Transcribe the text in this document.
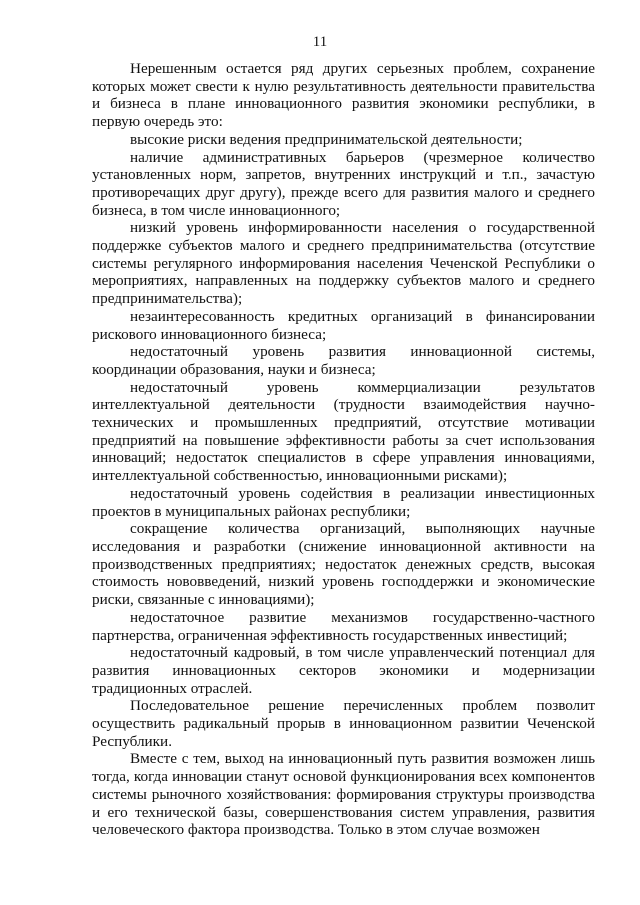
11

Нерешенным остается ряд других серьезных проблем, сохранение которых может свести к нулю результативность деятельности правительства и бизнеса в плане инновационного развития экономики республики, в первую очередь это:

высокие риски ведения предпринимательской деятельности;

наличие административных барьеров (чрезмерное количество установленных норм, запретов, внутренних инструкций и т.п., зачастую противоречащих друг другу), прежде всего для развития малого и среднего бизнеса, в том числе инновационного;

низкий уровень информированности населения о государственной поддержке субъектов малого и среднего предпринимательства (отсутствие системы регулярного информирования населения Чеченской Республики о мероприятиях, направленных на поддержку субъектов малого и среднего предпринимательства);

незаинтересованность кредитных организаций в финансировании рискового инновационного бизнеса;

недостаточный уровень развития инновационной системы, координации образования, науки и бизнеса;

недостаточный уровень коммерциализации результатов интеллектуальной деятельности (трудности взаимодействия научно-технических и промышленных предприятий, отсутствие мотивации предприятий на повышение эффективности работы за счет использования инноваций; недостаток специалистов в сфере управления инновациями, интеллектуальной собственностью, инновационными рисками);

недостаточный уровень содействия в реализации инвестиционных проектов в муниципальных районах республики;

сокращение количества организаций, выполняющих научные исследования и разработки (снижение инновационной активности на производственных предприятиях; недостаток денежных средств, высокая стоимость нововведений, низкий уровень господдержки и экономические риски, связанные с инновациями);

недостаточное развитие механизмов государственно-частного партнерства, ограниченная эффективность государственных инвестиций;

недостаточный кадровый, в том числе управленческий потенциал для развития инновационных секторов экономики и модернизации традиционных отраслей.

Последовательное решение перечисленных проблем позволит осуществить радикальный прорыв в инновационном развитии Чеченской Республики.

Вместе с тем, выход на инновационный путь развития возможен лишь тогда, когда инновации станут основой функционирования всех компонентов системы рыночного хозяйствования: формирования структуры производства и его технической базы, совершенствования систем управления, развития человеческого фактора производства. Только в этом случае возможен
